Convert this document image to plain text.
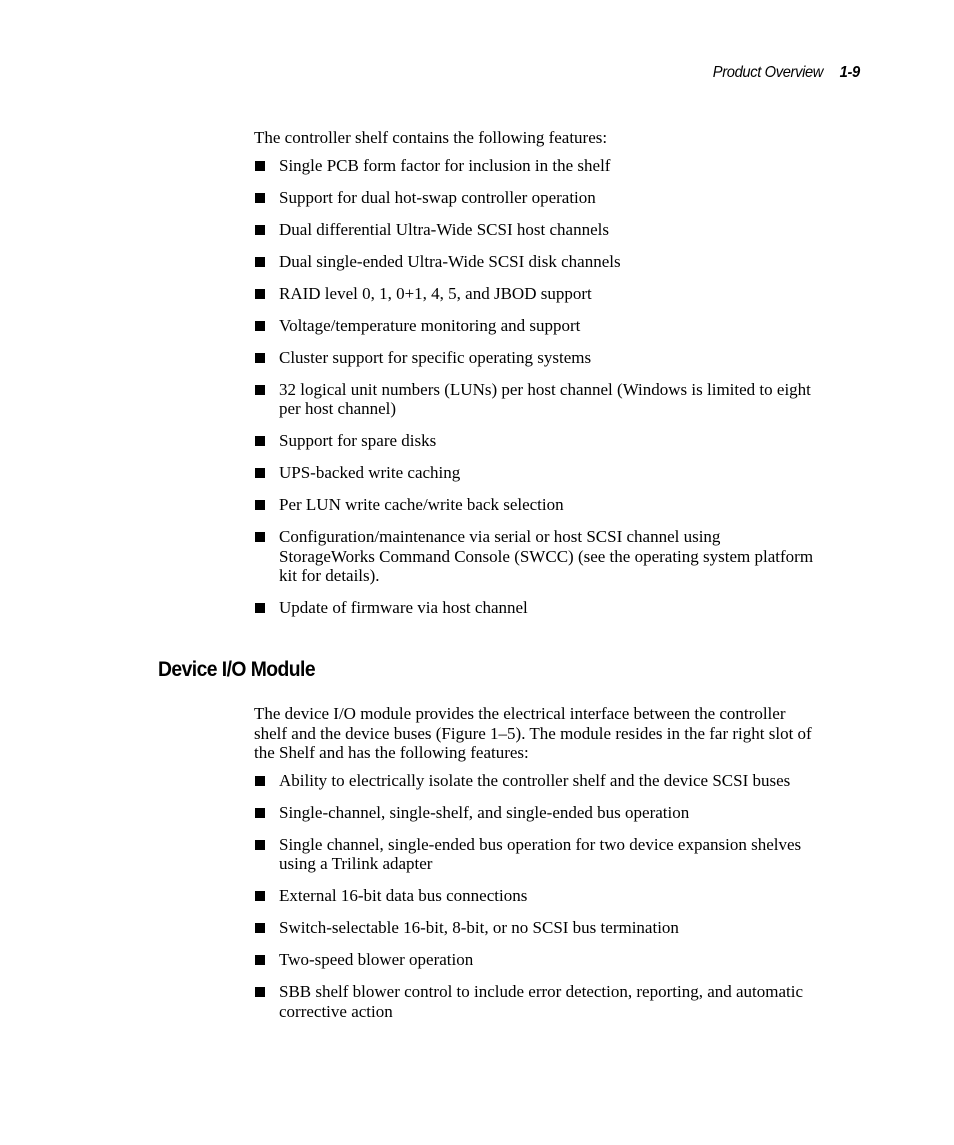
Product Overview 1-9

The controller shelf contains the following features:

Single PCB form factor for inclusion in the shelf
Support for dual hot-swap controller operation
Dual differential Ultra-Wide SCSI host channels
Dual single-ended Ultra-Wide SCSI disk channels
RAID level 0, 1, 0+1, 4, 5, and JBOD support
Voltage/temperature monitoring and support
Cluster support for specific operating systems
32 logical unit numbers (LUNs) per host channel (Windows is limited to eight per host channel)
Support for spare disks
UPS-backed write caching
Per LUN write cache/write back selection
Configuration/maintenance via serial or host SCSI channel using StorageWorks Command Console (SWCC) (see the operating system platform kit for details).
Update of firmware via host channel
Device I/O Module

The device I/O module provides the electrical interface between the controller shelf and the device buses (Figure 1–5). The module resides in the far right slot of the Shelf and has the following features:

Ability to electrically isolate the controller shelf and the device SCSI buses
Single-channel, single-shelf, and single-ended bus operation
Single channel, single-ended bus operation for two device expansion shelves using a Trilink adapter
External 16-bit data bus connections
Switch-selectable 16-bit, 8-bit, or no SCSI bus termination
Two-speed blower operation
SBB shelf blower control to include error detection, reporting, and automatic corrective action
